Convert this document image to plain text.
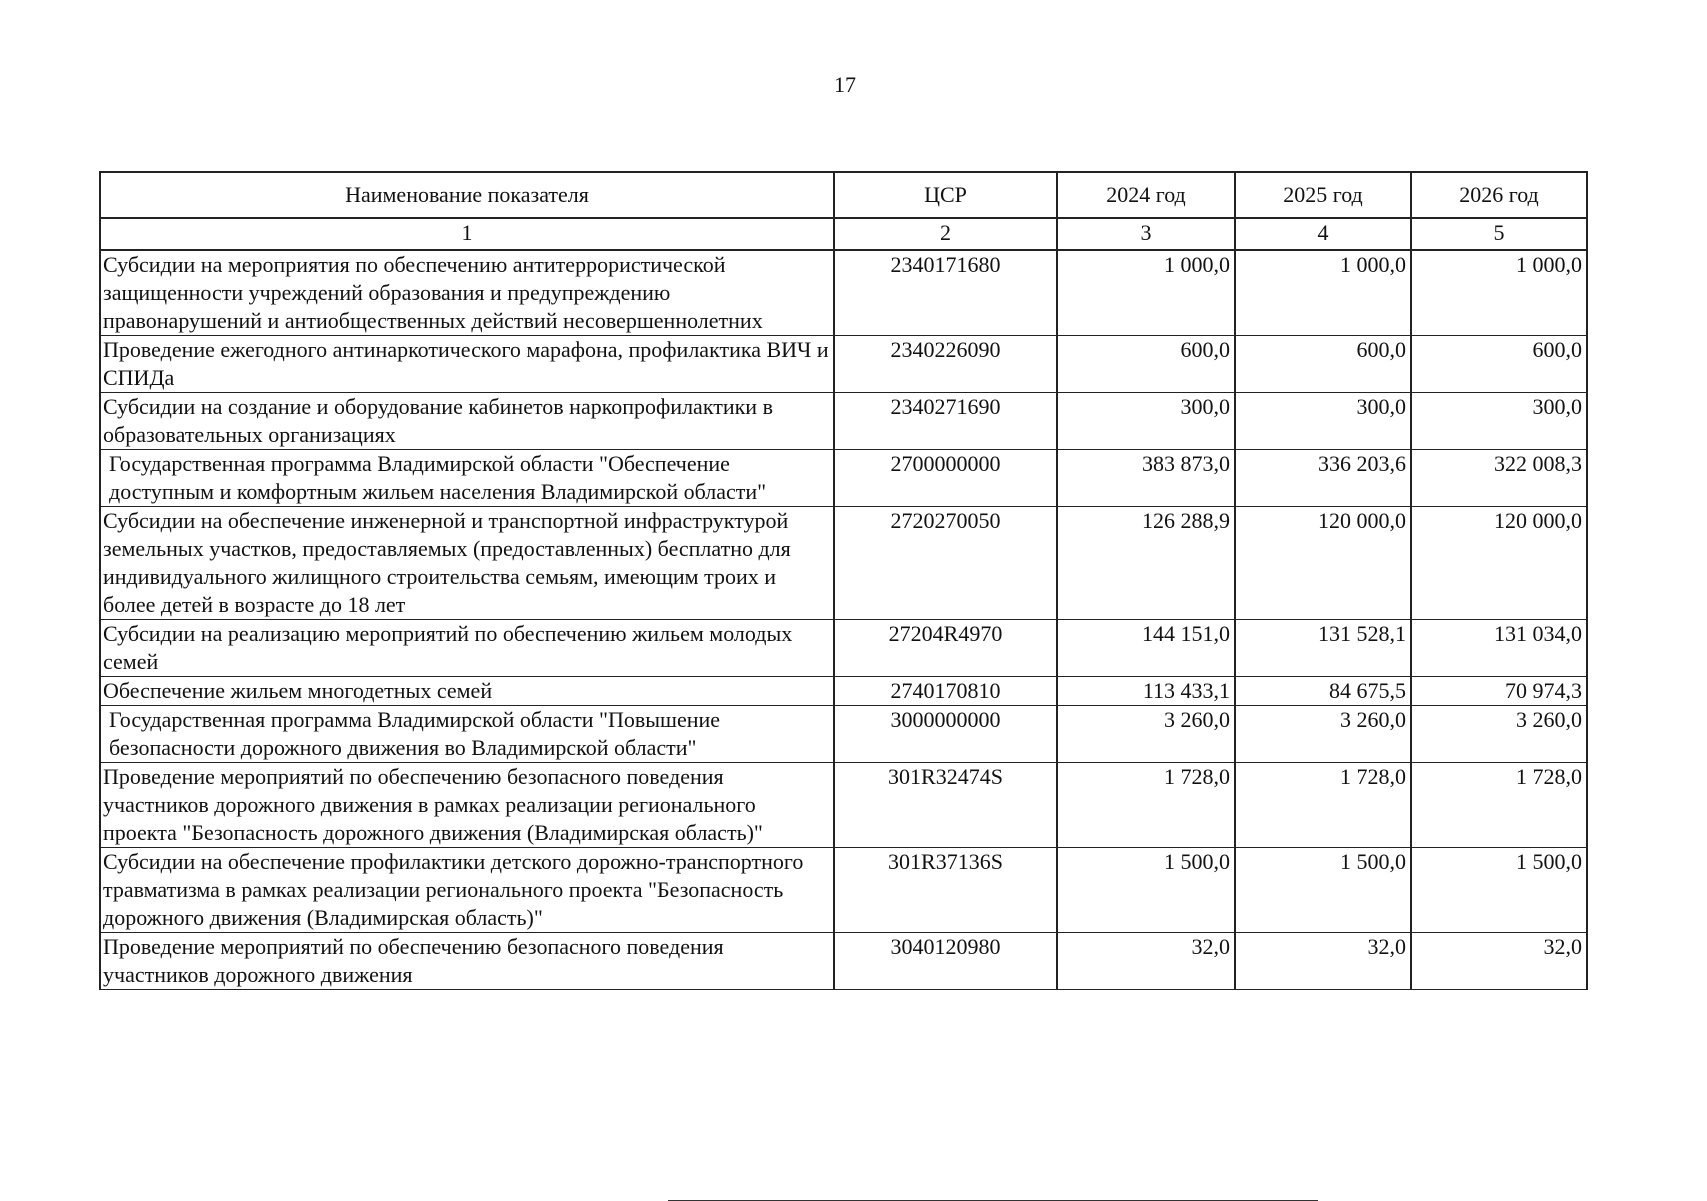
17
Наименование показателя	ЦСР	2024 год	2025 год	2026 год
1	2	3	4	5
Субсидии на мероприятия по обеспечению антитеррористической защищенности учреждений образования и предупреждению правонарушений и антиобщественных действий несовершеннолетних	2340171680	1 000,0	1 000,0	1 000,0
Проведение ежегодного антинаркотического марафона, профилактика ВИЧ и СПИДа	2340226090	600,0	600,0	600,0
Субсидии на создание и оборудование кабинетов наркопрофилактики в образовательных организациях	2340271690	300,0	300,0	300,0
Государственная программа Владимирской области "Обеспечение доступным и комфортным жильем населения Владимирской области"	2700000000	383 873,0	336 203,6	322 008,3
Субсидии на обеспечение инженерной и транспортной инфраструктурой земельных участков, предоставляемых (предоставленных) бесплатно для индивидуального жилищного строительства семьям, имеющим троих и более детей в возрасте до 18 лет	2720270050	126 288,9	120 000,0	120 000,0
Субсидии на реализацию мероприятий по обеспечению жильем молодых семей	27204R4970	144 151,0	131 528,1	131 034,0
Обеспечение жильем многодетных семей	2740170810	113 433,1	84 675,5	70 974,3
Государственная программа Владимирской области "Повышение безопасности дорожного движения во Владимирской области"	3000000000	3 260,0	3 260,0	3 260,0
Проведение мероприятий по обеспечению безопасного поведения участников дорожного движения в рамках реализации регионального проекта "Безопасность дорожного движения (Владимирская область)"	301R32474S	1 728,0	1 728,0	1 728,0
Субсидии на обеспечение профилактики детского дорожно-транспортного травматизма в рамках реализации регионального проекта "Безопасность дорожного движения (Владимирская область)"	301R37136S	1 500,0	1 500,0	1 500,0
Проведение мероприятий по обеспечению безопасного поведения участников дорожного движения	3040120980	32,0	32,0	32,0
